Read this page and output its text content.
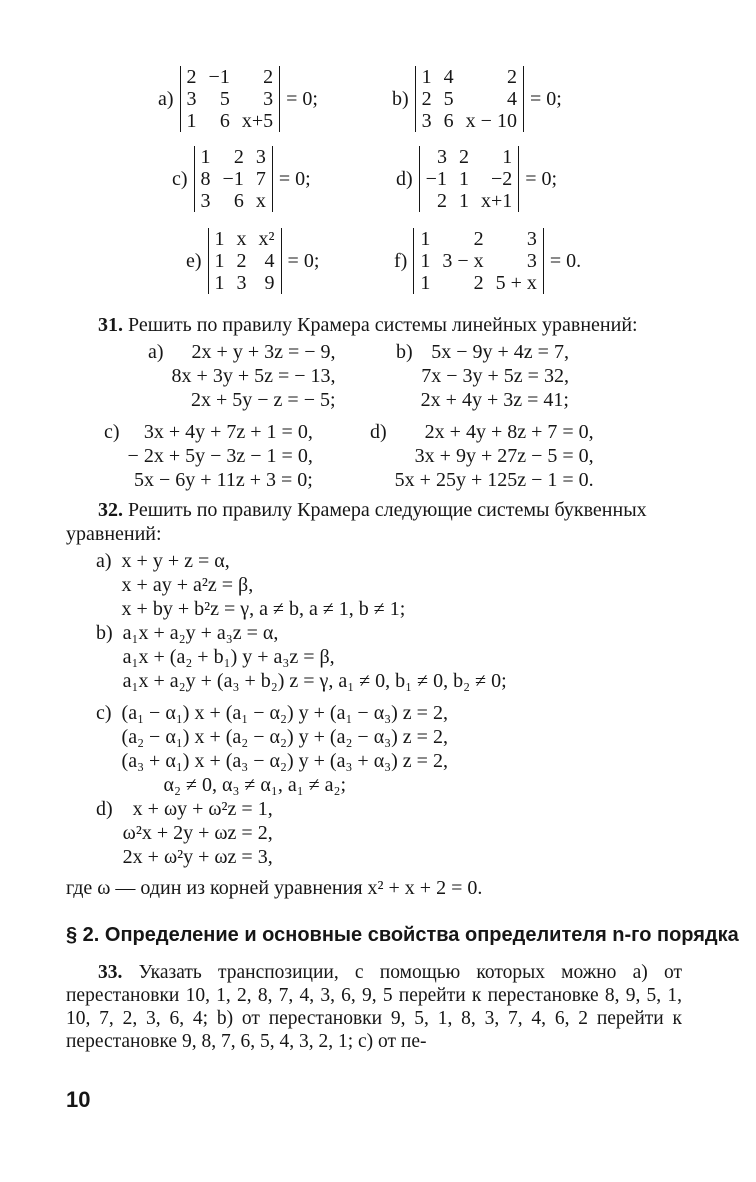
a)
2	−1	2
3	5	3
1	6	x+5
= 0;	b)
1	4	2
2	5	4
3	6	x − 10
= 0;
c)
1	2	3
8	−1	7
3	6	x
= 0;	d)
3	2	1
−1	1	−2
2	1	x+1
= 0;
e)
1	x	x²
1	2	4
1	3	9
= 0;	f)
1	2	3
1	3 − x	3
1	2	5 + x
= 0.
31. Решить по правилу Крамера системы линейных уравнений:
a)	2x + y + 3z = − 9,
8x + 3y + 5z = − 13,
2x + 5y − z = − 5;
b) 5x − 9y + 4z = 7,
7x − 3y + 5z = 32,
2x + 4y + 3z = 41;
c)	3x + 4y + 7z + 1 = 0,
− 2x + 5y − 3z − 1 = 0,
5x − 6y + 11z + 3 = 0;
d)	2x + 4y + 8z + 7 = 0,
3x + 9y + 27z − 5 = 0,
5x + 25y + 125z − 1 = 0.
32. Решить по правилу Крамера следующие системы буквенных
уравнений:
a) x + y + z = α,
x + ay + a²z = β,
x + by + b²z = γ, a ≠ b, a ≠ 1, b ≠ 1;
b) a₁x + a₂y + a₃z = α,
a₁x + (a₂ + b₁) y + a₃z = β,
a₁x + a₂y + (a₃ + b₂) z = γ, a₁ ≠ 0, b₁ ≠ 0, b₂ ≠ 0;
c) (a₁ − α₁) x + (a₁ − α₂) y + (a₁ − α₃) z = 2,
(a₂ − α₁) x + (a₂ − α₂) y + (a₂ − α₃) z = 2,
(a₃ + α₁) x + (a₃ − α₂) y + (a₃ + α₃) z = 2,
α₂ ≠ 0, α₃ ≠ α₁, a₁ ≠ a₂;
d)	x + ωy + ω²z = 1,
ω²x + 2y + ωz = 2,
2x + ω²y + ωz = 3,
где ω — один из корней уравнения x² + x + 2 = 0.
§ 2. Определение и основные свойства определителя n-го порядка
33. Указать транспозиции, с помощью которых можно a) от перестановки 10, 1, 2, 8, 7, 4, 3, 6, 9, 5 перейти к перестановке 8, 9, 5, 1, 10, 7, 2, 3, 6, 4; b) от перестановки 9, 5, 1, 8, 3, 7, 4, 6, 2 перейти к перестановке 9, 8, 7, 6, 5, 4, 3, 2, 1; c) от пе-
10
